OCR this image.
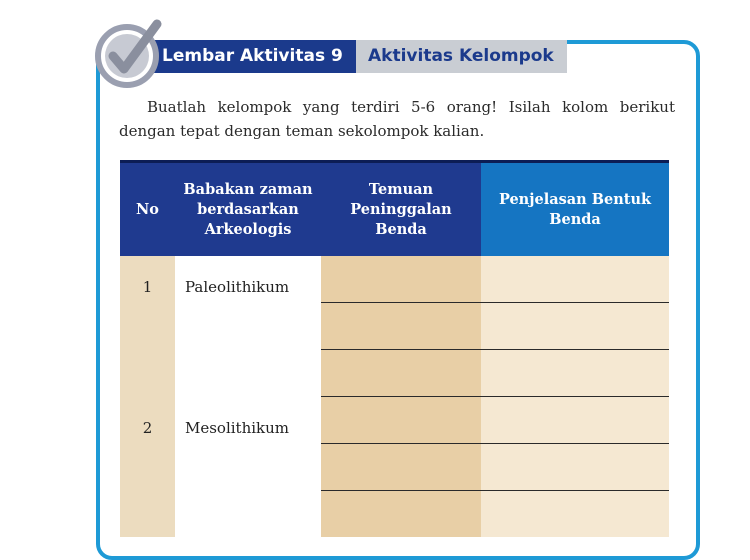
Lembar Aktivitas 9	Aktivitas Kelompok

Buatlah kelompok yang terdiri 5-6 orang! Isilah kolom berikut dengan tepat dengan teman sekolompok kalian.

No	Babakan zaman berdasarkan Arkeologis	Temuan Peninggalan Benda	Penjelasan Bentuk Benda
1	Paleolithikum		

2	Mesolithikum		
